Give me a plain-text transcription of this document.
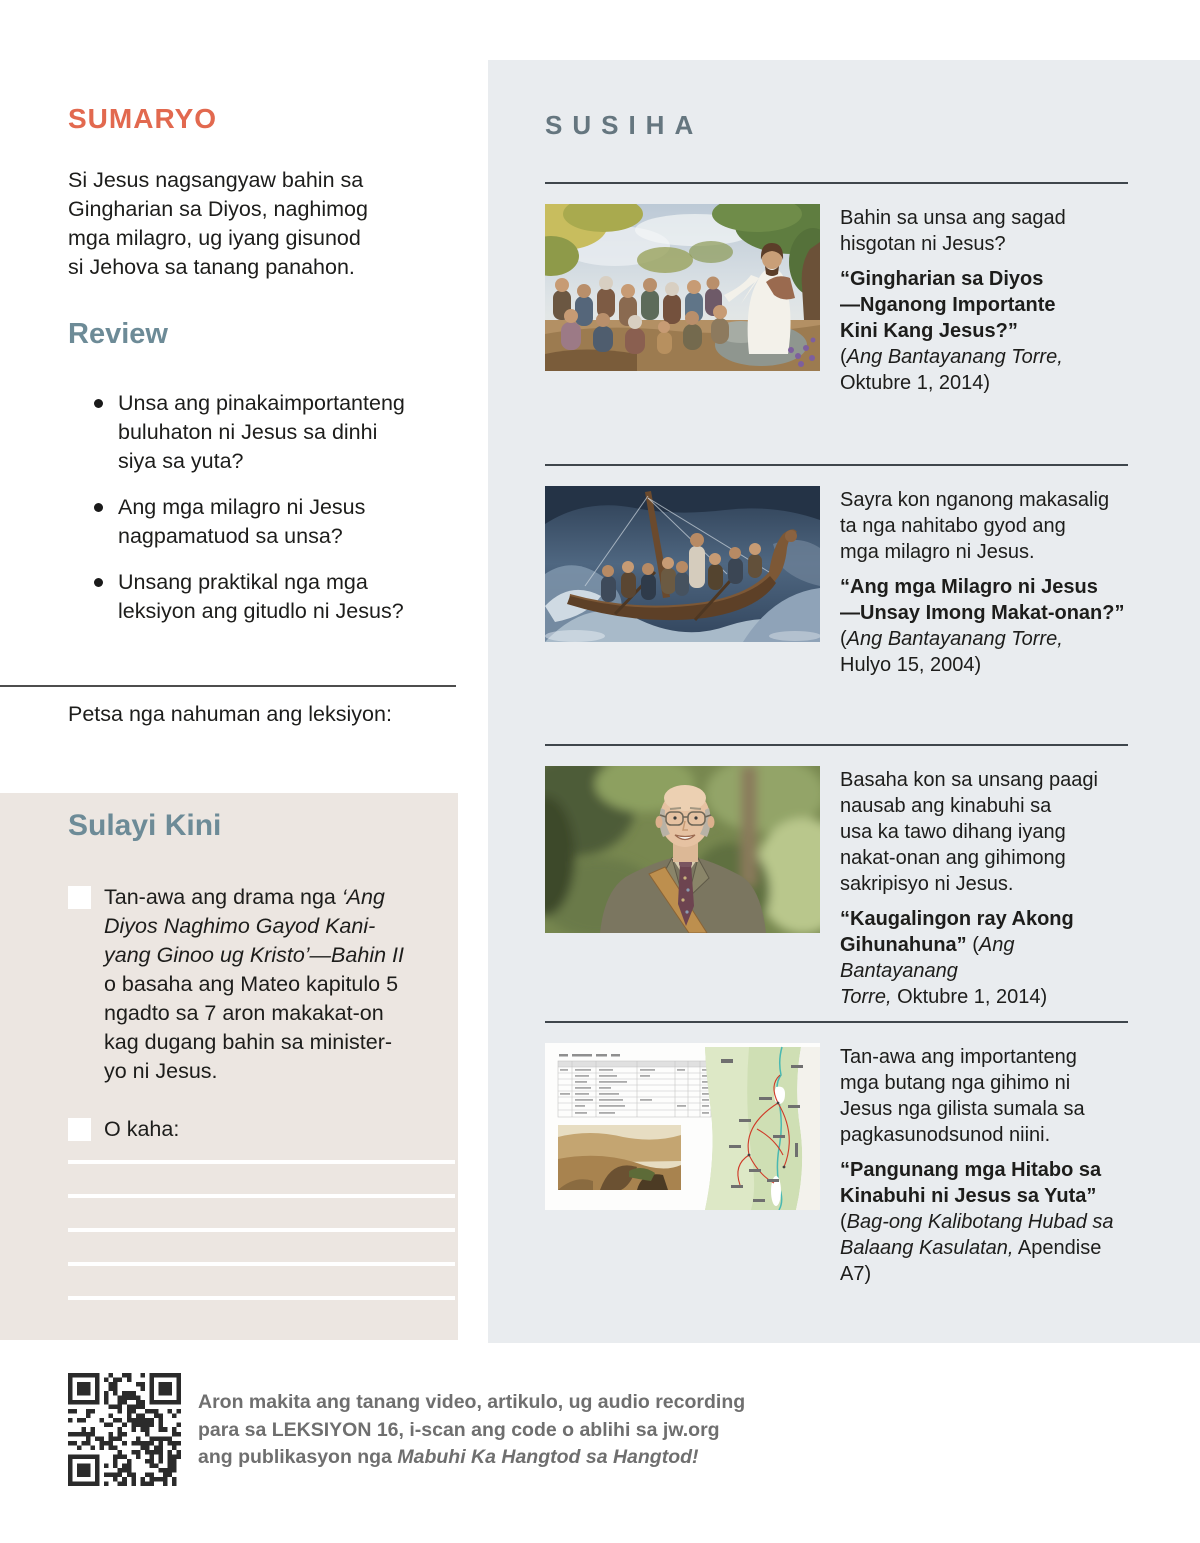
SUMARYO

Si Jesus nagsangyaw bahin sa
Gingharian sa Diyos, naghimog
mga milagro, ug iyang gisunod
si Jehova sa tanang panahon.

Review
Unsa ang pinakaimportanteng
buluhaton ni Jesus sa dinhi
siya sa yuta?
Ang mga milagro ni Jesus
nagpamatuod sa unsa?
Unsang praktikal nga mga
leksiyon ang gitudlo ni Jesus?

Petsa nga nahuman ang leksiyon:

Sulayi Kini
Tan-awa ang drama nga ‘Ang
Diyos Naghimo Gayod Kani-
yang Ginoo ug Kristo’—Bahin II
o basaha ang Mateo kapitulo 5
ngadto sa 7 aron makakat-on
kag dugang bahin sa minister-
yo ni Jesus.
O kaha:
SUSIHA

Bahin sa unsa ang sagad
hisgotan ni Jesus?

“Gingharian sa Diyos
—Nganong Importante
Kini Kang Jesus?”
(Ang Bantayanang Torre,
Oktubre 1, 2014)

Sayra kon nganong makasalig
ta nga nahitabo gyod ang
mga milagro ni Jesus.

“Ang mga Milagro ni Jesus
—Unsay Imong Makat-onan?”
(Ang Bantayanang Torre,
Hulyo 15, 2004)

Basaha kon sa unsang paagi
nausab ang kinabuhi sa
usa ka tawo dihang iyang
nakat-onan ang gihimong
sakripisyo ni Jesus.

“Kaugalingon ray Akong
Gihunahuna” (Ang Bantayanang
Torre, Oktubre 1, 2014)

Tan-awa ang importanteng
mga butang nga gihimo ni
Jesus nga gilista sumala sa
pagkasunodsunod niini.

“Pangunang mga Hitabo sa
Kinabuhi ni Jesus sa Yuta”
(Bag-ong Kalibotang Hubad sa
Balaang Kasulatan, Apendise A7)

Aron makita ang tanang video, artikulo, ug audio recording
para sa LEKSIYON 16, i-scan ang code o ablihi sa jw.org
ang publikasyon nga Mabuhi Ka Hangtod sa Hangtod!
